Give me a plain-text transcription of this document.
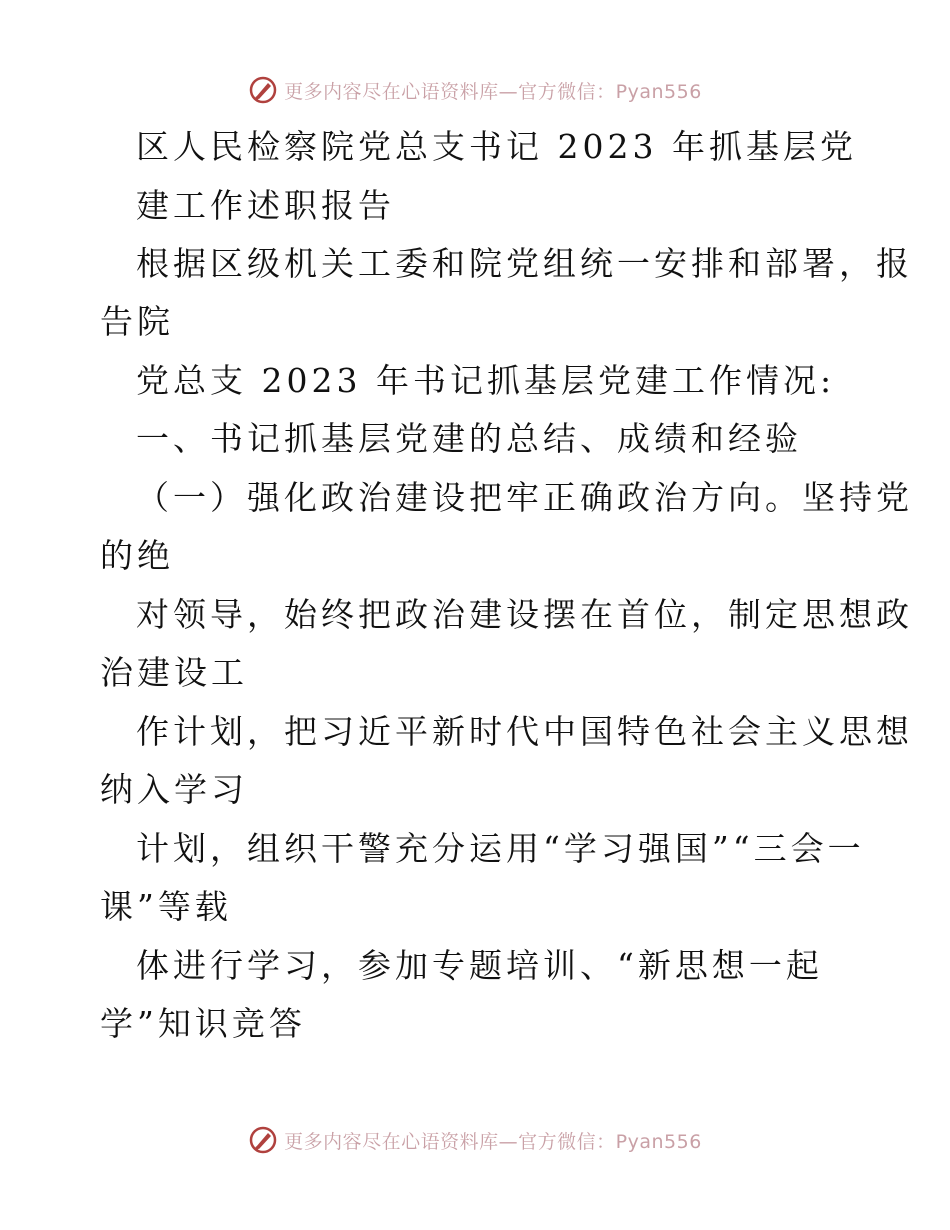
更多内容尽在心语资料库—官方微信：Pyan556
区人民检察院党总支书记 2023 年抓基层党
建工作述职报告
根据区级机关工委和院党组统一安排和部署，报
告院
党总支 2023 年书记抓基层党建工作情况:
一、书记抓基层党建的总结、成绩和经验
（一）强化政治建设把牢正确政治方向。坚持党
的绝
对领导，始终把政治建设摆在首位，制定思想政
治建设工
作计划，把习近平新时代中国特色社会主义思想
纳入学习
计划，组织干警充分运用“学习强国”“三会一
课”等载
体进行学习，参加专题培训、“新思想一起
学”知识竞答
更多内容尽在心语资料库—官方微信：Pyan556
